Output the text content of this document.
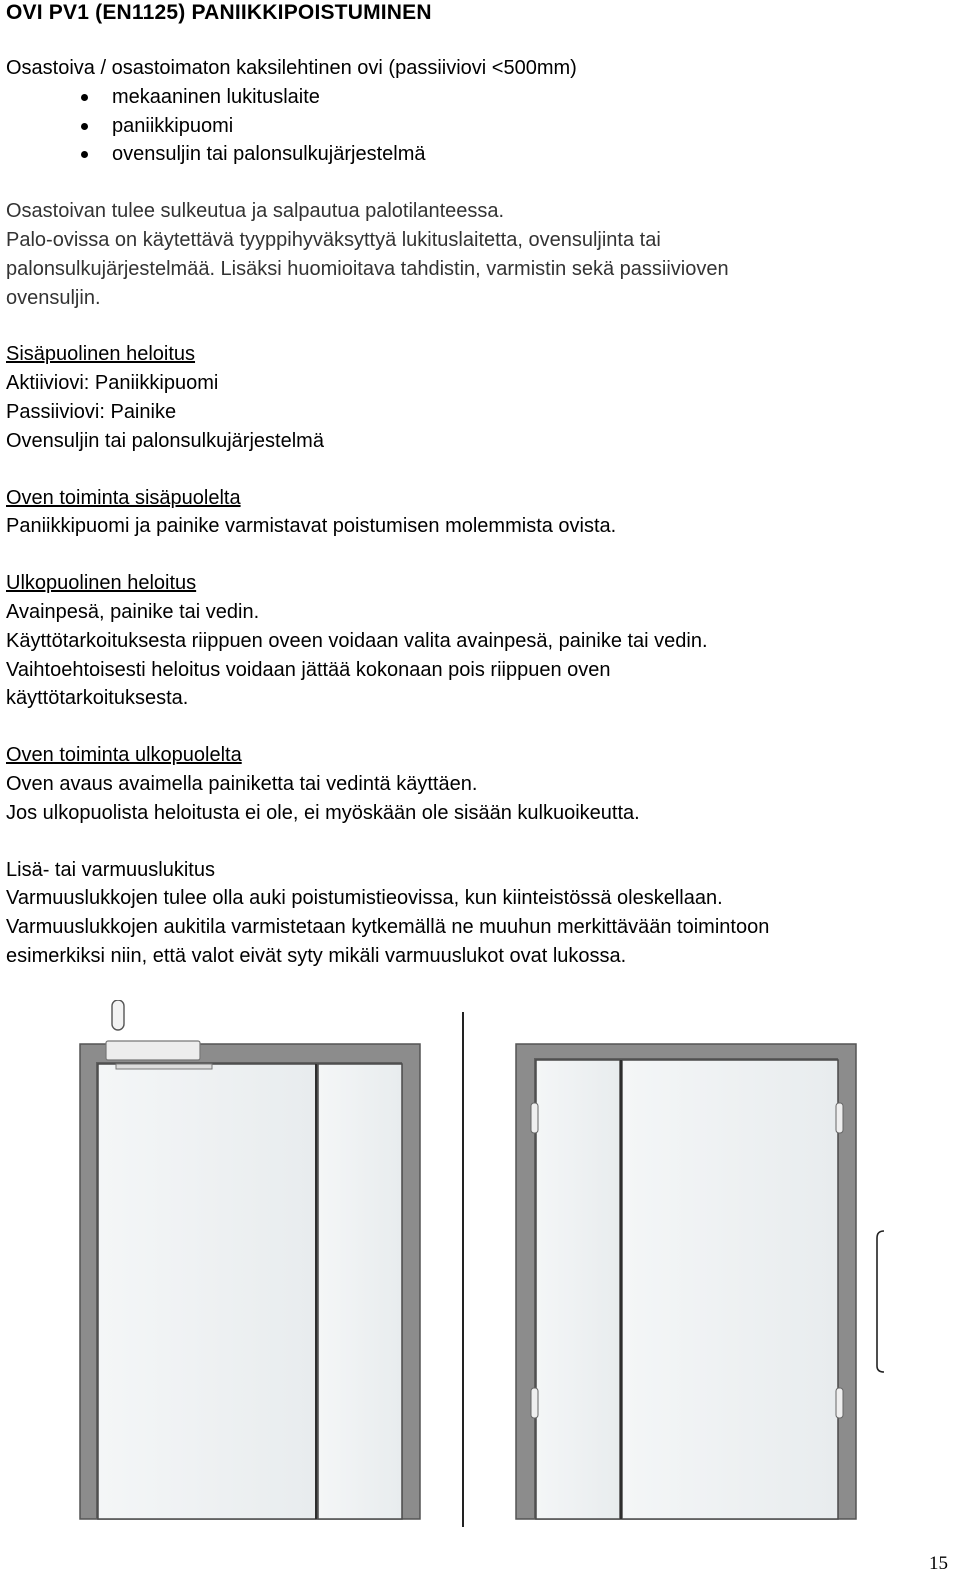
OVI PV1 (EN1125) PANIIKKIPOISTUMINEN

Osastoiva / osastoimaton kaksilehtinen ovi (passiiviovi <500mm)

mekaaninen lukituslaite
paniikkipuomi
ovensuljin tai palonsulkujärjestelmä

Osastoivan tulee sulkeutua ja salpautua palotilanteessa.

Palo-ovissa on käytettävä tyyppihyväksyttyä lukituslaitetta, ovensuljinta tai

palonsulkujärjestelmää. Lisäksi huomioitava tahdistin, varmistin sekä passiivioven

ovensuljin.

Sisäpuolinen heloitus

Aktiiviovi: Paniikkipuomi

Passiiviovi: Painike

Ovensuljin tai palonsulkujärjestelmä

Oven toiminta sisäpuolelta

Paniikkipuomi ja painike varmistavat poistumisen molemmista ovista.

Ulkopuolinen heloitus

Avainpesä, painike tai vedin.

Käyttötarkoituksesta riippuen oveen voidaan valita avainpesä, painike tai vedin.

Vaihtoehtoisesti heloitus voidaan jättää kokonaan pois riippuen oven

käyttötarkoituksesta.

Oven toiminta ulkopuolelta

Oven avaus avaimella painiketta tai vedintä käyttäen.

Jos ulkopuolista heloitusta ei ole, ei myöskään ole sisään kulkuoikeutta.

Lisä- tai varmuuslukitus

Varmuuslukkojen tulee olla auki poistumistieovissa, kun kiinteistössä oleskellaan.

Varmuuslukkojen aukitila varmistetaan kytkemällä ne muuhun merkittävään toimintoon

esimerkiksi niin, että valot eivät syty mikäli varmuuslukot ovat lukossa.

15
